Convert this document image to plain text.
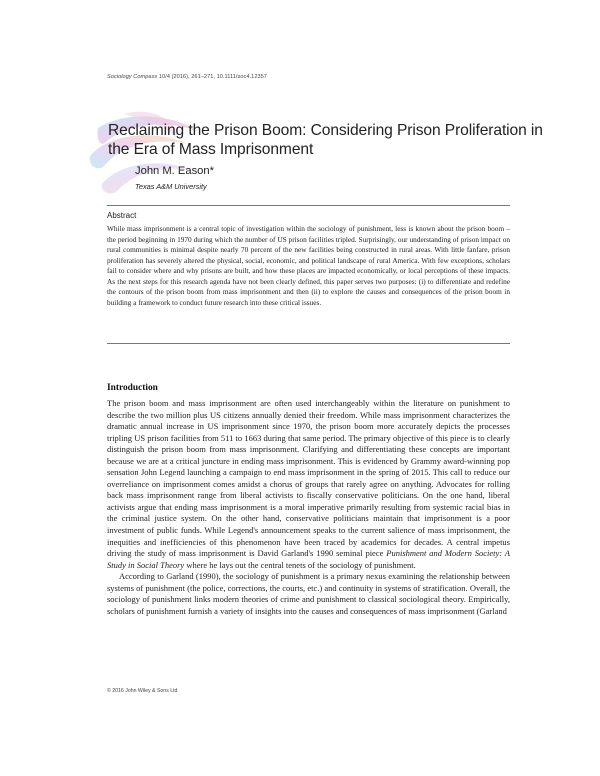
Sociology Compass 10/4 (2016), 261–271, 10.1111/soc4.12357
Reclaiming the Prison Boom: Considering Prison Proliferation in the Era of Mass Imprisonment
John M. Eason*
Texas A&M University
Abstract

While mass imprisonment is a central topic of investigation within the sociology of punishment, less is known about the prison boom – the period beginning in 1970 during which the number of US prison facilities tripled. Surprisingly, our understanding of prison impact on rural communities is minimal despite nearly 70 percent of the new facilities being constructed in rural areas. With little fanfare, prison proliferation has severely altered the physical, social, economic, and political landscape of rural America. With few exceptions, scholars fail to consider where and why prisons are built, and how these places are impacted economically, or local perceptions of these impacts. As the next steps for this research agenda have not been clearly defined, this paper serves two purposes: (i) to differentiate and redefine the contours of the prison boom from mass imprisonment and then (ii) to explore the causes and consequences of the prison boom in building a framework to conduct future research into these critical issues.

Introduction

The prison boom and mass imprisonment are often used interchangeably within the literature on punishment to describe the two million plus US citizens annually denied their freedom. While mass imprisonment characterizes the dramatic annual increase in US imprisonment since 1970, the prison boom more accurately depicts the processes tripling US prison facilities from 511 to 1663 during that same period. The primary objective of this piece is to clearly distinguish the prison boom from mass imprisonment. Clarifying and differentiating these concepts are important because we are at a critical juncture in ending mass imprisonment. This is evidenced by Grammy award-winning pop sensation John Legend launching a campaign to end mass imprisonment in the spring of 2015. This call to reduce our overreliance on imprisonment comes amidst a chorus of groups that rarely agree on anything. Advocates for rolling back mass imprisonment range from liberal activists to fiscally conservative politicians. On the one hand, liberal activists argue that ending mass imprisonment is a moral imperative primarily resulting from systemic racial bias in the criminal justice system. On the other hand, conservative politicians maintain that imprisonment is a poor investment of public funds. While Legend's announcement speaks to the current salience of mass imprisonment, the inequities and inefficiencies of this phenomenon have been traced by academics for decades. A central impetus driving the study of mass imprisonment is David Garland's 1990 seminal piece Punishment and Modern Society: A Study in Social Theory where he lays out the central tenets of the sociology of punishment.

According to Garland (1990), the sociology of punishment is a primary nexus examining the relationship between systems of punishment (the police, corrections, the courts, etc.) and continuity in systems of stratification. Overall, the sociology of punishment links modern theories of crime and punishment to classical sociological theory. Empirically, scholars of punishment furnish a variety of insights into the causes and consequences of mass imprisonment (Garland

© 2016 John Wiley & Sons Ltd
